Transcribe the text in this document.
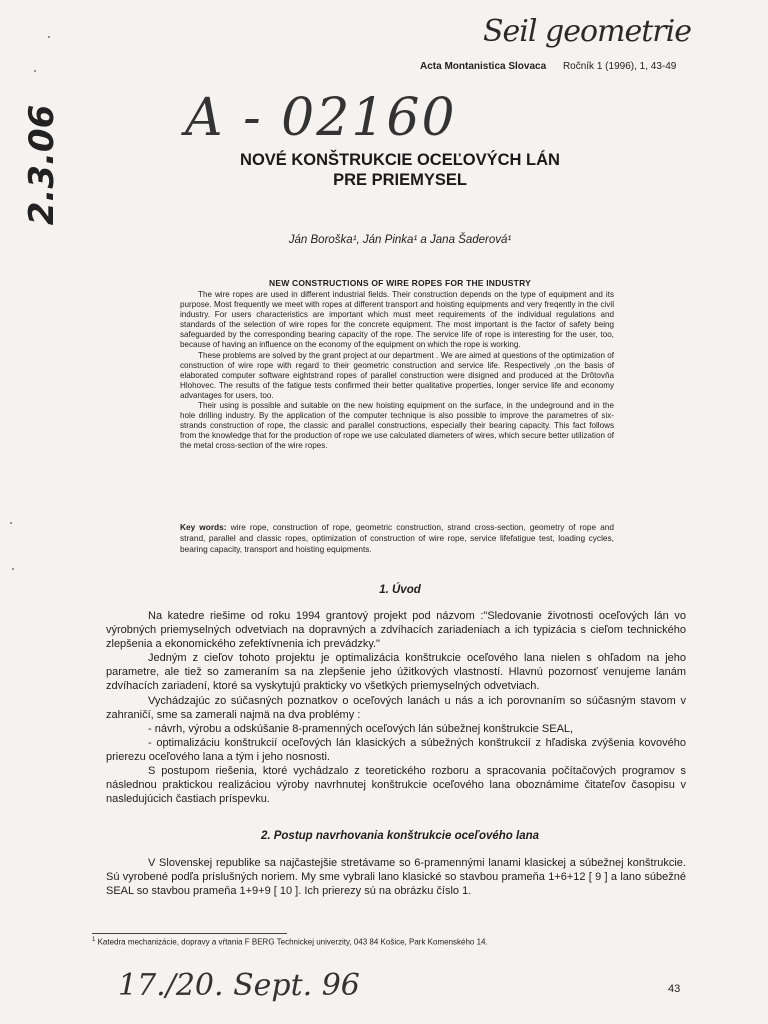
Seil geometrie
A - 02160
2.3.06
Acta Montanistica Slovaca Ročník 1 (1996), 1, 43-49
NOVÉ KONŠTRUKCIE OCEĽOVÝCH LÁN
PRE PRIEMYSEL
Ján Boroška¹, Ján Pinka¹ a Jana Šaderová¹
NEW CONSTRUCTIONS OF WIRE ROPES FOR THE INDUSTRY

The wire ropes are used in different industrial fields. Their construction depends on the type of equipment and its purpose. Most frequently we meet with ropes at different transport and hoisting equipments and very freqently in the civil industry. For users characteristics are important which must meet requirements of the individual regulations and standards of the selection of wire ropes for the concrete equipment. The most important is the factor of safety being safeguarded by the corresponding bearing capacity of the rope. The service life of rope is interesting for the user, too, because of having an influence on the economy of the equipment on which the rope is working.

These problems are solved by the grant project at our department . We are aimed at questions of the optimization of construction of wire rope with regard to their geometric construction and service life. Respectively ,on the basis of elaborated computer software eightstrand ropes of parallel construction were disigned and produced at the Drôtovňa Hlohovec. The results of the fatigue tests confirmed their better qualitative properties, longer service life and economy advantages for users, too.

Their using is possible and suitable on the new hoisting equipment on the surface, in the undeground and in the hole drilling industry. By the application of the computer technique is also possible to improve the parametres of six-strands construction of rope, the classic and parallel constructions, especially their bearing capacity. This fact follows from the knowledge that for the production of rope we use calculated diameters of wires, which secure better utilization of the metal cross-section of the wire ropes.

Key words: wire rope, construction of rope, geometric construction, strand cross-section, geometry of rope and strand, parallel and classic ropes, optimization of construction of wire rope, service lifefatigue test, loading cycles, bearing capacity, transport and hoisting equipments.
1. Úvod

Na katedre riešime od roku 1994 grantový projekt pod názvom :"Sledovanie životnosti oceľových lán vo výrobných priemyselných odvetviach na dopravných a zdvíhacích zariadeniach a ich typizácia s cieľom technického zlepšenia a ekonomického zefektívnenia ich prevádzky."

Jedným z cieľov tohoto projektu je optimalizácia konštrukcie oceľového lana nielen s ohľadom na jeho parametre, ale tiež so zameraním sa na zlepšenie jeho úžitkových vlastností. Hlavnú pozornosť venujeme lanám zdvíhacích zariadení, ktoré sa vyskytujú prakticky vo všetkých priemyselných odvetviach.

Vychádzajúc zo súčasných poznatkov o oceľových lanách u nás a ich porovnaním so súčasným stavom v zahraničí, sme sa zamerali najmä na dva problémy :

- návrh, výrobu a odskúšanie 8-pramenných oceľových lán súbežnej konštrukcie SEAL,

- optimalizáciu konštrukcií oceľových lán klasických a súbežných konštrukcií z hľadiska zvýšenia kovového prierezu oceľového lana a tým i jeho nosnosti.

S postupom riešenia, ktoré vychádzalo z teoretického rozboru a spracovania počítačových programov s následnou praktickou realizáciou výroby navrhnutej konštrukcie oceľového lana oboznámime čitateľov časopisu v nasledujúcich častiach príspevku.

2. Postup navrhovania konštrukcie oceľového lana

V Slovenskej republike sa najčastejšie stretávame so 6-pramennými lanami klasickej a súbežnej konštrukcie. Sú vyrobené podľa príslušných noriem. My sme vybrali lano klasické so stavbou prameňa 1+6+12 [ 9 ] a lano súbežné SEAL so stavbou prameňa 1+9+9 [ 10 ]. Ich prierezy sú na obrázku číslo 1.

$^1$ Katedra mechanizácie, dopravy a vŕtania F BERG Technickej univerzity, 043 84 Košice, Park Komenského 14.
17./20. Sept. 96	43
